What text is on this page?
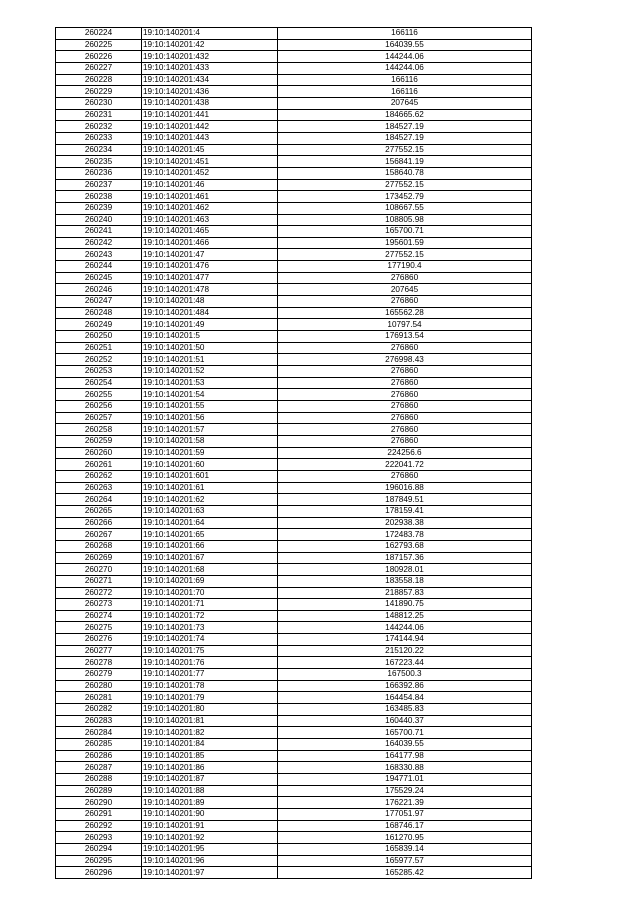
260224	19:10:140201:4	166116
260225	19:10:140201:42	164039.55
260226	19:10:140201:432	144244.06
260227	19:10:140201:433	144244.06
260228	19:10:140201:434	166116
260229	19:10:140201:436	166116
260230	19:10:140201:438	207645
260231	19:10:140201:441	184665.62
260232	19:10:140201:442	184527.19
260233	19:10:140201:443	184527.19
260234	19:10:140201:45	277552.15
260235	19:10:140201:451	156841.19
260236	19:10:140201:452	158640.78
260237	19:10:140201:46	277552.15
260238	19:10:140201:461	173452.79
260239	19:10:140201:462	108667.55
260240	19:10:140201:463	108805.98
260241	19:10:140201:465	165700.71
260242	19:10:140201:466	195601.59
260243	19:10:140201:47	277552.15
260244	19:10:140201:476	177190.4
260245	19:10:140201:477	276860
260246	19:10:140201:478	207645
260247	19:10:140201:48	276860
260248	19:10:140201:484	165562.28
260249	19:10:140201:49	10797.54
260250	19:10:140201:5	176913.54
260251	19:10:140201:50	276860
260252	19:10:140201:51	276998.43
260253	19:10:140201:52	276860
260254	19:10:140201:53	276860
260255	19:10:140201:54	276860
260256	19:10:140201:55	276860
260257	19:10:140201:56	276860
260258	19:10:140201:57	276860
260259	19:10:140201:58	276860
260260	19:10:140201:59	224256.6
260261	19:10:140201:60	222041.72
260262	19:10:140201:601	276860
260263	19:10:140201:61	196016.88
260264	19:10:140201:62	187849.51
260265	19:10:140201:63	178159.41
260266	19:10:140201:64	202938.38
260267	19:10:140201:65	172483.78
260268	19:10:140201:66	162793.68
260269	19:10:140201:67	187157.36
260270	19:10:140201:68	180928.01
260271	19:10:140201:69	183558.18
260272	19:10:140201:70	218857.83
260273	19:10:140201:71	141890.75
260274	19:10:140201:72	148812.25
260275	19:10:140201:73	144244.06
260276	19:10:140201:74	174144.94
260277	19:10:140201:75	215120.22
260278	19:10:140201:76	167223.44
260279	19:10:140201:77	167500.3
260280	19:10:140201:78	166392.86
260281	19:10:140201:79	164454.84
260282	19:10:140201:80	163485.83
260283	19:10:140201:81	160440.37
260284	19:10:140201:82	165700.71
260285	19:10:140201:84	164039.55
260286	19:10:140201:85	164177.98
260287	19:10:140201:86	168330.88
260288	19:10:140201:87	194771.01
260289	19:10:140201:88	175529.24
260290	19:10:140201:89	176221.39
260291	19:10:140201:90	177051.97
260292	19:10:140201:91	168746.17
260293	19:10:140201:92	161270.95
260294	19:10:140201:95	165839.14
260295	19:10:140201:96	165977.57
260296	19:10:140201:97	165285.42
